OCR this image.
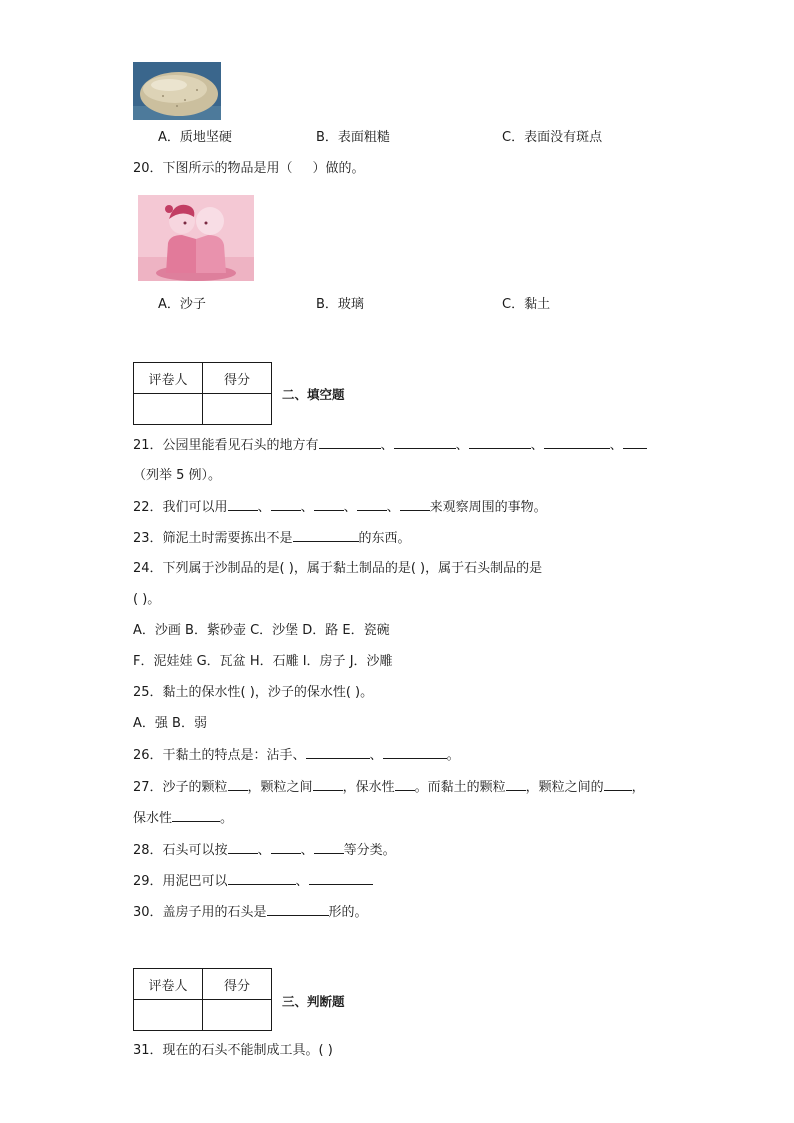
A．质地坚硬	B．表面粗糙	C．表面没有斑点
20．下图所示的物品是用（ ）做的。
A．沙子	B．玻璃	C．黏土
评卷人	得分

二、填空题
21．公园里能看见石头的地方有	、	、	、	、
（列举 5 例）。
22．我们可以用 、 、 、 、 来观察周围的事物。
23．筛泥土时需要拣出不是	的东西。
24．下列属于沙制品的是( )，属于黏土制品的是( )，属于石头制品的是
( )。
A．沙画 B．紫砂壶 C．沙堡 D．路 E．瓷碗
F．泥娃娃 G．瓦盆 H．石雕 I．房子 J．沙雕
25．黏土的保水性( )，沙子的保水性( )。
A．强 B．弱
26．干黏土的特点是：沾手、	、	。
27．沙子的颗粒 ，颗粒之间 ，保水性 。而黏土的颗粒 ，颗粒之间的 ，
保水性	。
28．石头可以按 、 、 等分类。
29．用泥巴可以	、
30．盖房子用的石头是	形的。
评卷人	得分

三、判断题
31．现在的石头不能制成工具。( )
